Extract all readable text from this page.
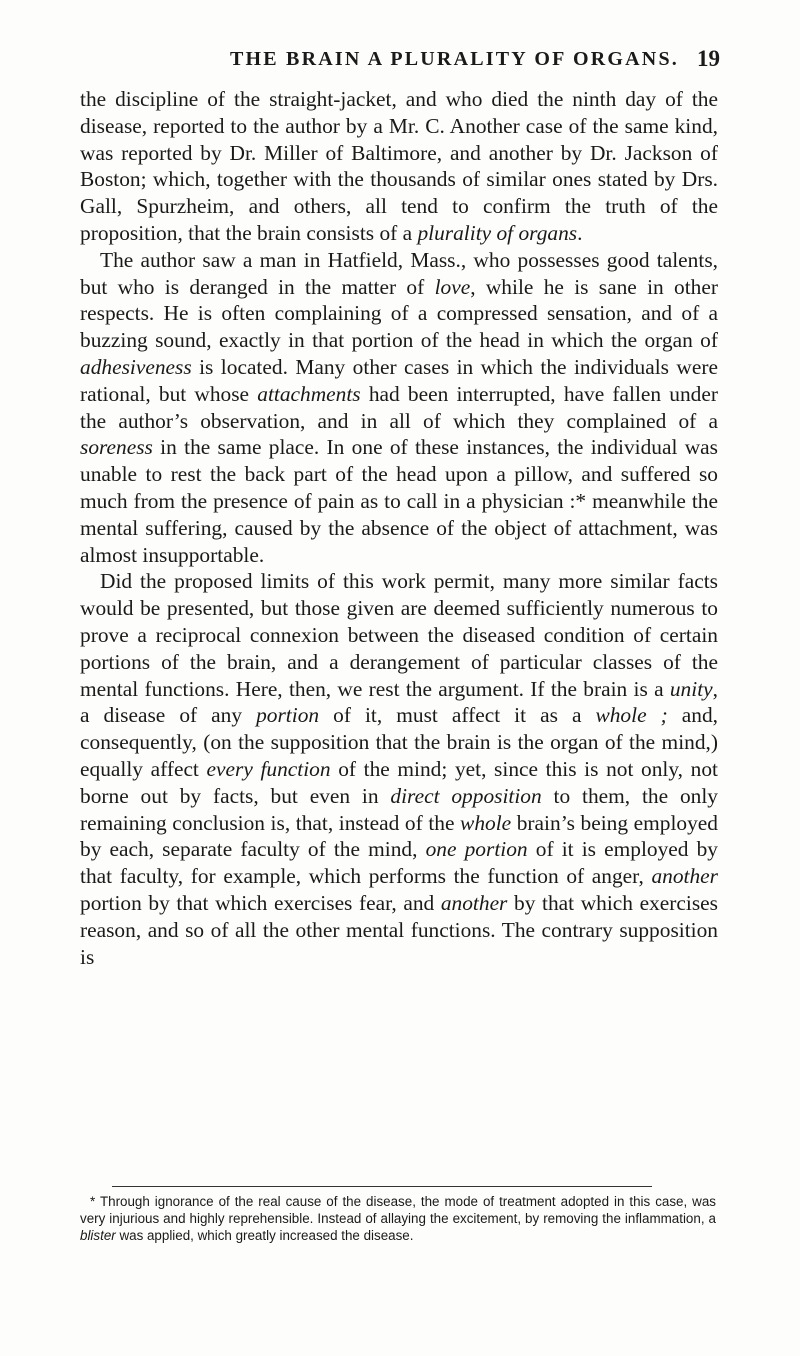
THE BRAIN A PLURALITY OF ORGANS. 19

the discipline of the straight-jacket, and who died the ninth day of the disease, reported to the author by a Mr. C. Another case of the same kind, was reported by Dr. Miller of Baltimore, and another by Dr. Jackson of Boston; which, together with the thousands of similar ones stated by Drs. Gall, Spurzheim, and others, all tend to confirm the truth of the proposition, that the brain consists of a plurality of organs.

The author saw a man in Hatfield, Mass., who possesses good talents, but who is deranged in the matter of love, while he is sane in other respects. He is often complaining of a compressed sensation, and of a buzzing sound, exactly in that portion of the head in which the organ of adhesiveness is located. Many other cases in which the individuals were rational, but whose attachments had been interrupted, have fallen under the author’s observation, and in all of which they complained of a soreness in the same place. In one of these instances, the individual was unable to rest the back part of the head upon a pillow, and suffered so much from the presence of pain as to call in a physician :* meanwhile the mental suffering, caused by the absence of the object of attachment, was almost insupportable.

Did the proposed limits of this work permit, many more similar facts would be presented, but those given are deemed sufficiently numerous to prove a reciprocal connexion between the diseased condition of certain portions of the brain, and a derangement of particular classes of the mental functions. Here, then, we rest the argument. If the brain is a unity, a disease of any portion of it, must affect it as a whole ; and, consequently, (on the supposition that the brain is the organ of the mind,) equally affect every function of the mind; yet, since this is not only, not borne out by facts, but even in direct opposition to them, the only remaining conclusion is, that, instead of the whole brain’s being employed by each, separate faculty of the mind, one portion of it is employed by that faculty, for example, which performs the function of anger, another portion by that which exercises fear, and another by that which exercises reason, and so of all the other mental functions. The contrary supposition is

* Through ignorance of the real cause of the disease, the mode of treatment adopted in this case, was very injurious and highly reprehensible. Instead of allaying the excitement, by removing the inflammation, a blister was applied, which greatly increased the disease.
